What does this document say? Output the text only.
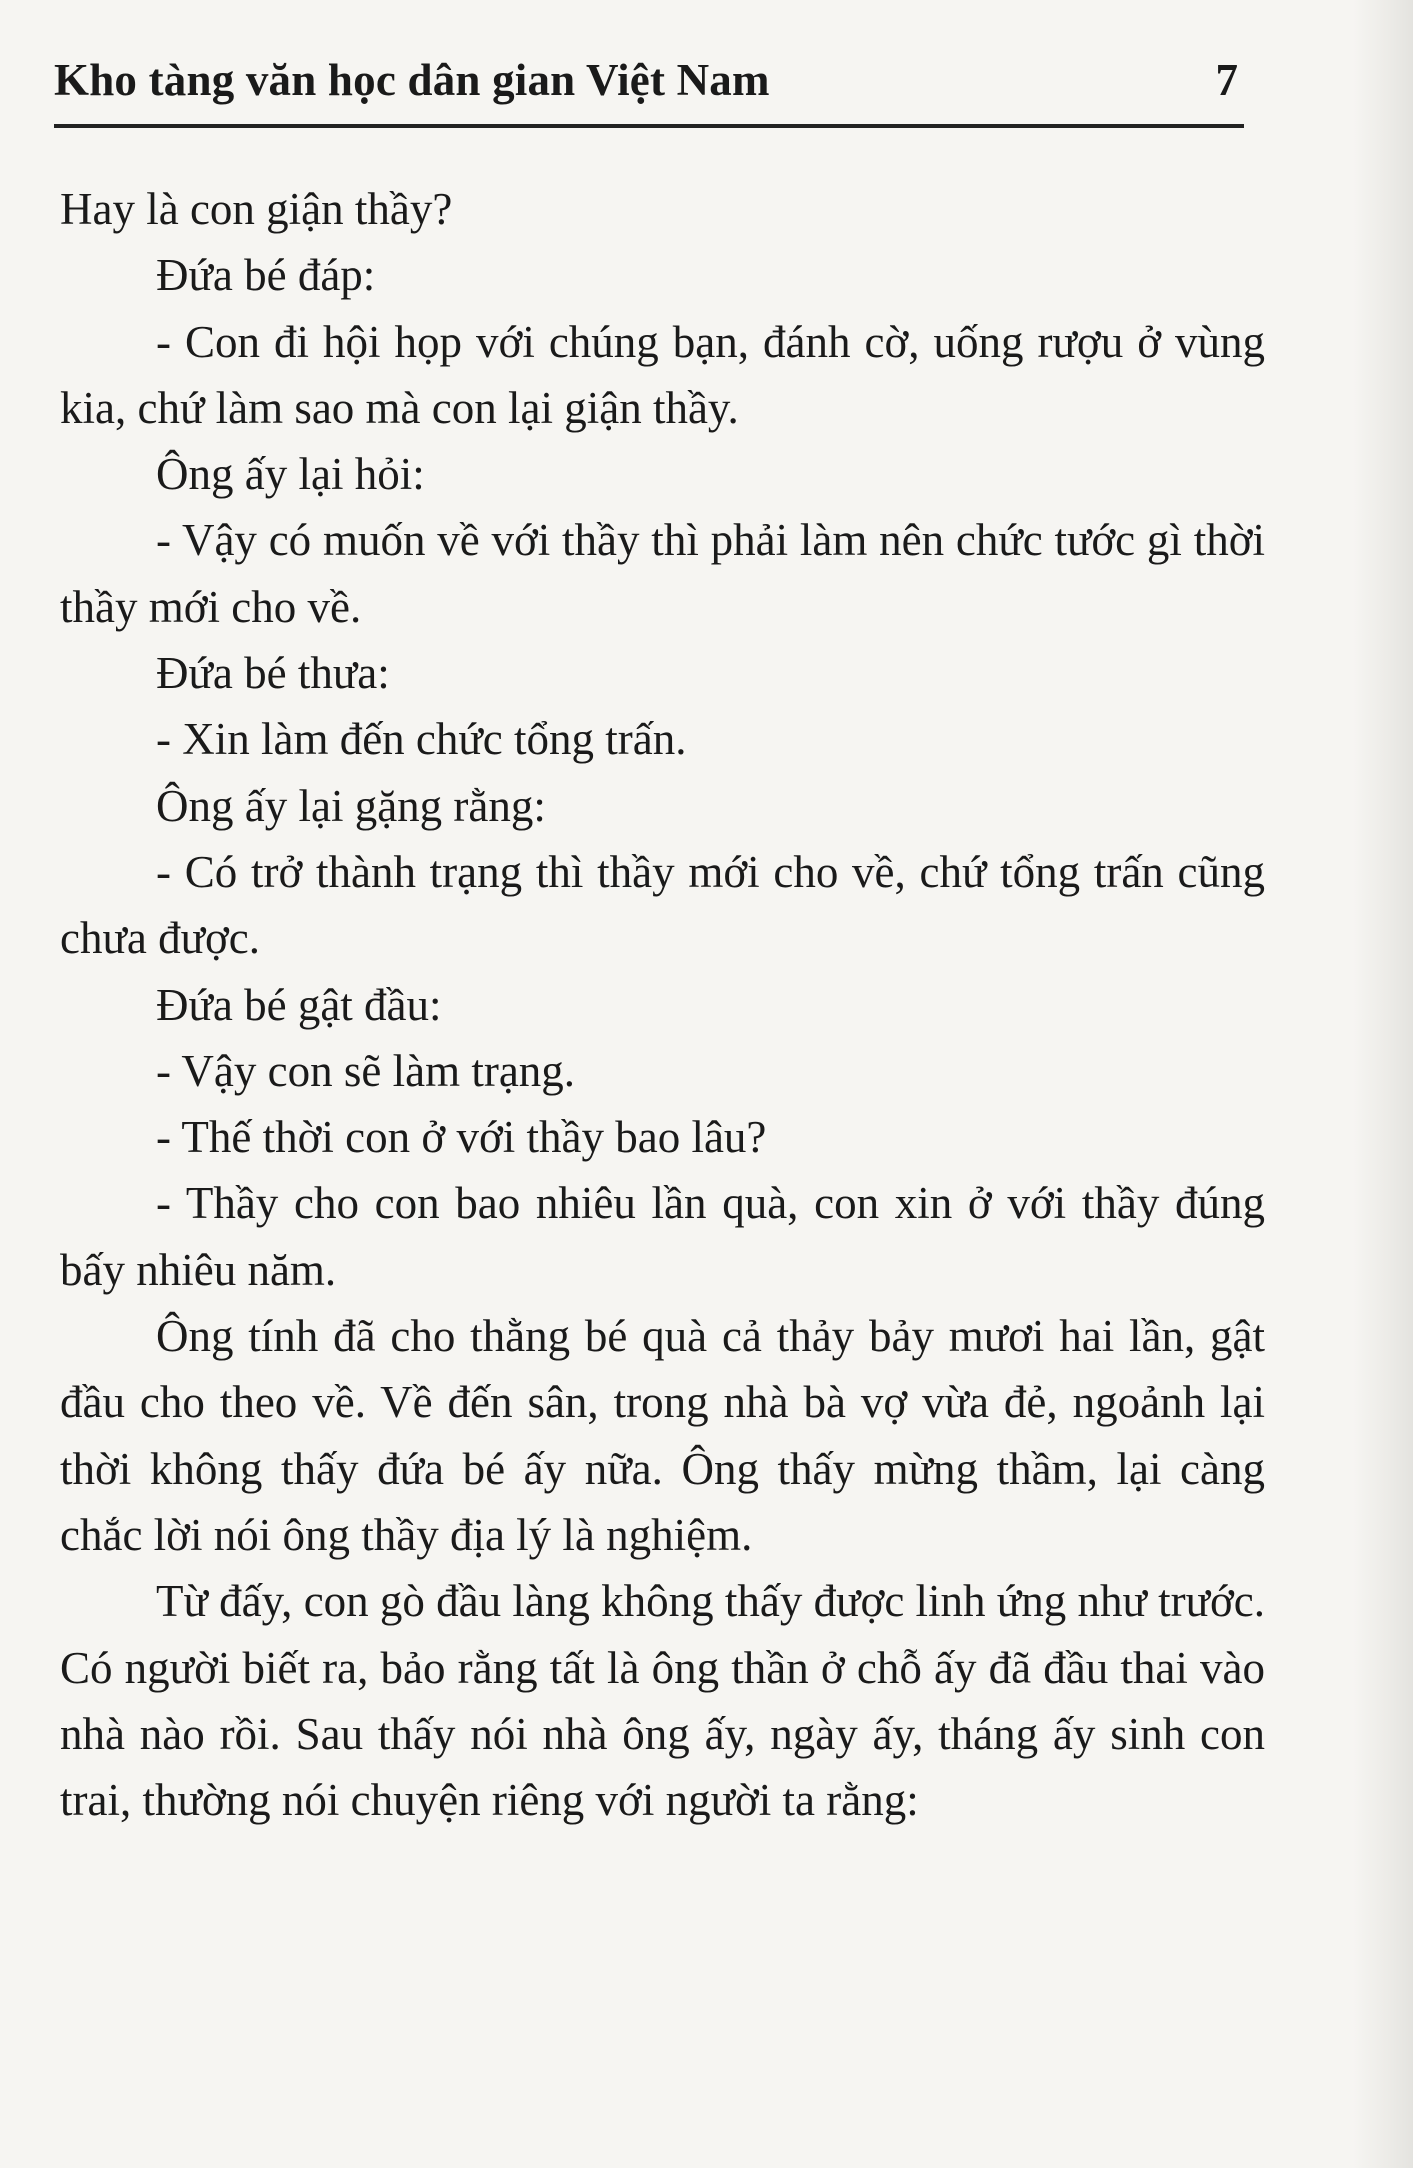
Kho tàng văn học dân gian Việt Nam	7

Hay là con giận thầy?

Đứa bé đáp:

- Con đi hội họp với chúng bạn, đánh cờ, uống rượu ở vùng kia, chứ làm sao mà con lại giận thầy.

Ông ấy lại hỏi:

- Vậy có muốn về với thầy thì phải làm nên chức tước gì thời thầy mới cho về.

Đứa bé thưa:

- Xin làm đến chức tổng trấn.

Ông ấy lại gặng rằng:

- Có trở thành trạng thì thầy mới cho về, chứ tổng trấn cũng chưa được.

Đứa bé gật đầu:

- Vậy con sẽ làm trạng.

- Thế thời con ở với thầy bao lâu?

- Thầy cho con bao nhiêu lần quà, con xin ở với thầy đúng bấy nhiêu năm.

Ông tính đã cho thằng bé quà cả thảy bảy mươi hai lần, gật đầu cho theo về. Về đến sân, trong nhà bà vợ vừa đẻ, ngoảnh lại thời không thấy đứa bé ấy nữa. Ông thấy mừng thầm, lại càng chắc lời nói ông thầy địa lý là nghiệm.

Từ đấy, con gò đầu làng không thấy được linh ứng như trước. Có người biết ra, bảo rằng tất là ông thần ở chỗ ấy đã đầu thai vào nhà nào rồi. Sau thấy nói nhà ông ấy, ngày ấy, tháng ấy sinh con trai, thường nói chuyện riêng với người ta rằng:
